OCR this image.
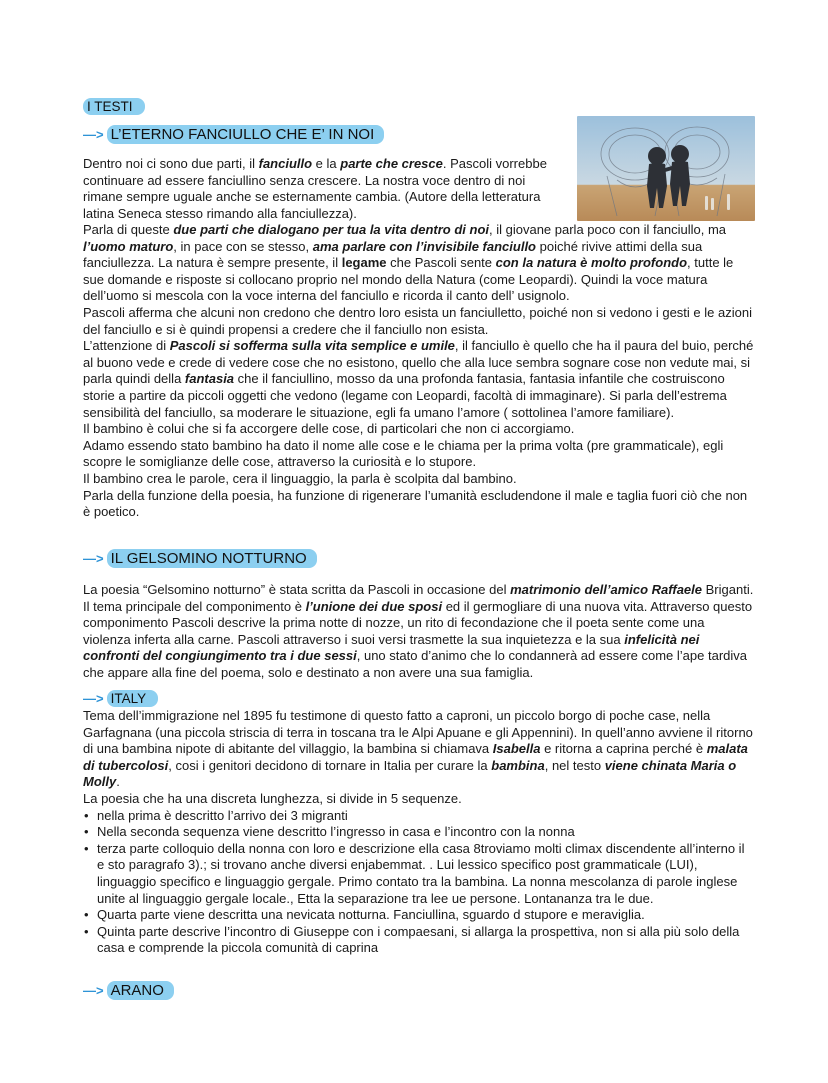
I TESTI
—> L’ETERNO FANCIULLO CHE E’ IN NOI

Dentro noi ci sono due parti, il fanciullo e la parte che cresce. Pascoli vorrebbe continuare ad essere fanciullino senza crescere. La nostra voce dentro di noi rimane sempre uguale anche se esternamente cambia. (Autore della letteratura latina Seneca stesso rimando alla fanciullezza).

Parla di queste due parti che dialogano per tua la vita dentro di noi, il giovane parla poco con il fanciullo, ma l’uomo maturo, in pace con se stesso, ama parlare con l’invisibile fanciullo poiché rivive attimi della sua fanciullezza. La natura è sempre presente, il legame che Pascoli sente con la natura è molto profondo, tutte le sue domande e risposte si collocano proprio nel mondo della Natura (come Leopardi). Quindi la voce matura dell’uomo si mescola con la voce interna del fanciullo e ricorda il canto dell’ usignolo.

Pascoli afferma che alcuni non credono che dentro loro esista un fanciulletto, poiché non si vedono i gesti e le azioni del fanciullo e si è quindi propensi a credere che il fanciullo non esista.

L’attenzione di Pascoli si sofferma sulla vita semplice e umile, il fanciullo è quello che ha il paura del buio, perché al buono vede e crede di vedere cose che no esistono, quello che alla luce sembra sognare cose non vedute mai, si parla quindi della fantasia che il fanciullino, mosso da una profonda fantasia, fantasia infantile che costruiscono storie a partire da piccoli oggetti che vedono (legame con Leopardi, facoltà di immaginare). Si parla dell’estrema sensibilità del fanciullo, sa moderare le situazione, egli fa umano l’amore ( sottolinea l’amore familiare).

Il bambino è colui che si fa accorgere delle cose, di particolari che non ci accorgiamo.

Adamo essendo stato bambino ha dato il nome alle cose e le chiama per la prima volta (pre grammaticale), egli scopre le somiglianze delle cose, attraverso la curiosità e lo stupore.

Il bambino crea le parole, cera il linguaggio, la parla è scolpita dal bambino.

Parla della funzione della poesia, ha funzione di rigenerare l’umanità escludendone il male e taglia fuori ciò che non è poetico.

—> IL GELSOMINO NOTTURNO

La poesia “Gelsomino notturno” è stata scritta da Pascoli in occasione del matrimonio dell’amico Raffaele Briganti. Il tema principale del componimento è l’unione dei due sposi ed il germogliare di una nuova vita. Attraverso questo componimento Pascoli descrive la prima notte di nozze, un rito di fecondazione che il poeta sente come una violenza inferta alla carne. Pascoli attraverso i suoi versi trasmette la sua inquietezza e la sua infelicità nei confronti del congiungimento tra i due sessi, uno stato d’animo che lo condannerà ad essere come l’ape tardiva che appare alla fine del poema, solo e destinato a non avere una sua famiglia.

—> ITALY

Tema dell’immigrazione nel 1895 fu testimone di questo fatto a caproni, un piccolo borgo di poche case, nella Garfagnana (una piccola striscia di terra in toscana tra le Alpi Apuane e gli Appennini). In quell’anno avviene il ritorno di una bambina nipote di abitante del villaggio, la bambina si chiamava Isabella e ritorna a caprina perché è malata di tubercolosi, cosi i genitori decidono di tornare in Italia per curare la bambina, nel testo viene chinata Maria o Molly.

La poesia che ha una discreta lunghezza, si divide in 5 sequenze.

• nella prima è descritto l’arrivo dei 3 migranti
• Nella seconda sequenza viene descritto l’ingresso in casa e l’incontro con la nonna
• terza parte colloquio della nonna con loro e descrizione ella casa 8troviamo molti climax discendente all’interno il e sto paragrafo 3).; si trovano anche diversi enjabemmat. . Lui lessico specifico post grammaticale (LUI), linguaggio specifico e linguaggio gergale. Primo contato tra la bambina. La nonna mescolanza di parole inglese unite al linguaggio gergale locale., Etta la separazione tra lee ue persone. Lontananza tra le due.
• Quarta parte viene descritta una nevicata notturna. Fanciullina, sguardo d stupore e meraviglia.
• Quinta parte descrive l’incontro di Giuseppe con i compaesani, si allarga la prospettiva, non si alla più solo della casa e comprende la piccola comunità di caprina
—> ARANO
